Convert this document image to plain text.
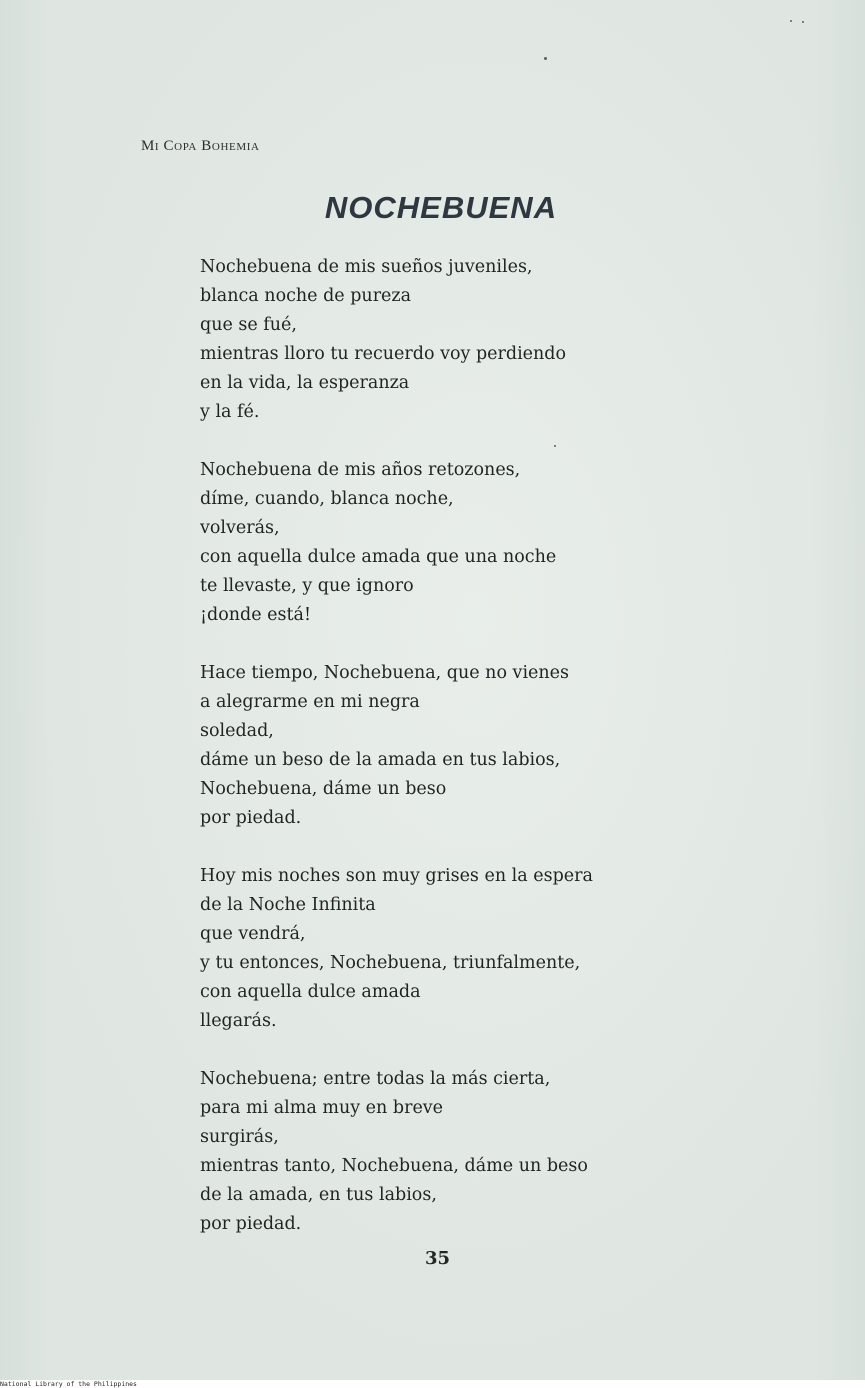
Mi Copa Bohemia
NOCHEBUENA
Nochebuena de mis sueños juveniles,
blanca noche de pureza
que se fué,
mientras lloro tu recuerdo voy perdiendo
en la vida, la esperanza
y la fé.
Nochebuena de mis años retozones,
díme, cuando, blanca noche,
volverás,
con aquella dulce amada que una noche
te llevaste, y que ignoro
¡donde está!
Hace tiempo, Nochebuena, que no vienes
a alegrarme en mi negra
soledad,
dáme un beso de la amada en tus labios,
Nochebuena, dáme un beso
por piedad.
Hoy mis noches son muy grises en la espera
de la Noche Infinita
que vendrá,
y tu entonces, Nochebuena, triunfalmente,
con aquella dulce amada
llegarás.
Nochebuena; entre todas la más cierta,
para mi alma muy en breve
surgirás,
mientras tanto, Nochebuena, dáme un beso
de la amada, en tus labios,
por piedad.
35
National Library of the Philippines
